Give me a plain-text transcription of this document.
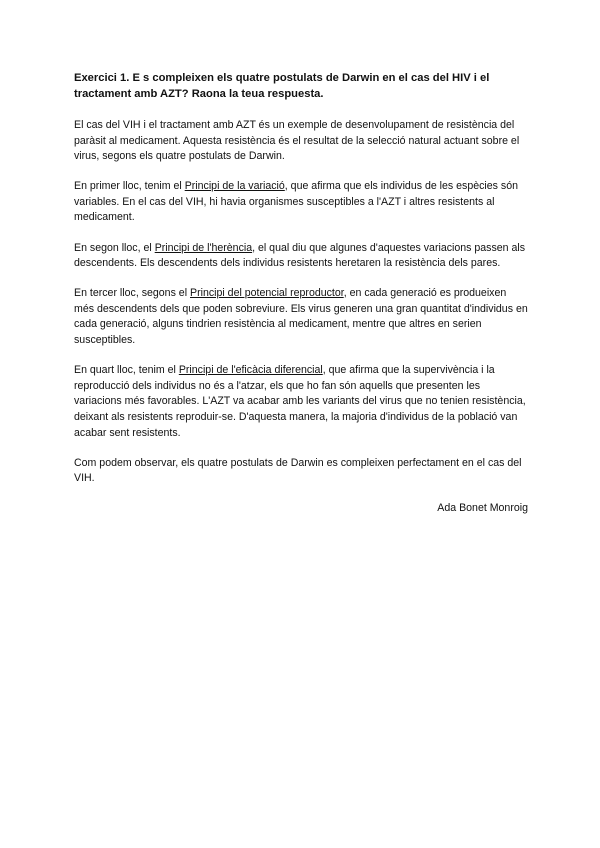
Exercici 1. E s compleixen els quatre postulats de Darwin en el cas del HIV i el tractament amb AZT? Raona la teua respuesta.

El cas del VIH i el tractament amb AZT és un exemple de desenvolupament de resistència del paràsit al medicament. Aquesta resistència és el resultat de la selecció natural actuant sobre el virus, segons els quatre postulats de Darwin.

En primer lloc, tenim el Principi de la variació, que afirma que els individus de les espècies són variables. En el cas del VIH, hi havia organismes susceptibles a l'AZT i altres resistents al medicament.

En segon lloc, el Principi de l'herència, el qual diu que algunes d'aquestes variacions passen als descendents. Els descendents dels individus resistents heretaren la resistència dels pares.

En tercer lloc, segons el Principi del potencial reproductor, en cada generació es produeixen més descendents dels que poden sobreviure. Els virus generen una gran quantitat d'individus en cada generació, alguns tindrien resistència al medicament, mentre que altres en serien susceptibles.

En quart lloc, tenim el Principi de l'eficàcia diferencial, que afirma que la supervivència i la reproducció dels individus no és a l'atzar, els que ho fan són aquells que presenten les variacions més favorables. L'AZT va acabar amb les variants del virus que no tenien resistència, deixant als resistents reproduir-se. D'aquesta manera, la majoria d'individus de la població van acabar sent resistents.

Com podem observar, els quatre postulats de Darwin es compleixen perfectament en el cas del VIH.

Ada Bonet Monroig
